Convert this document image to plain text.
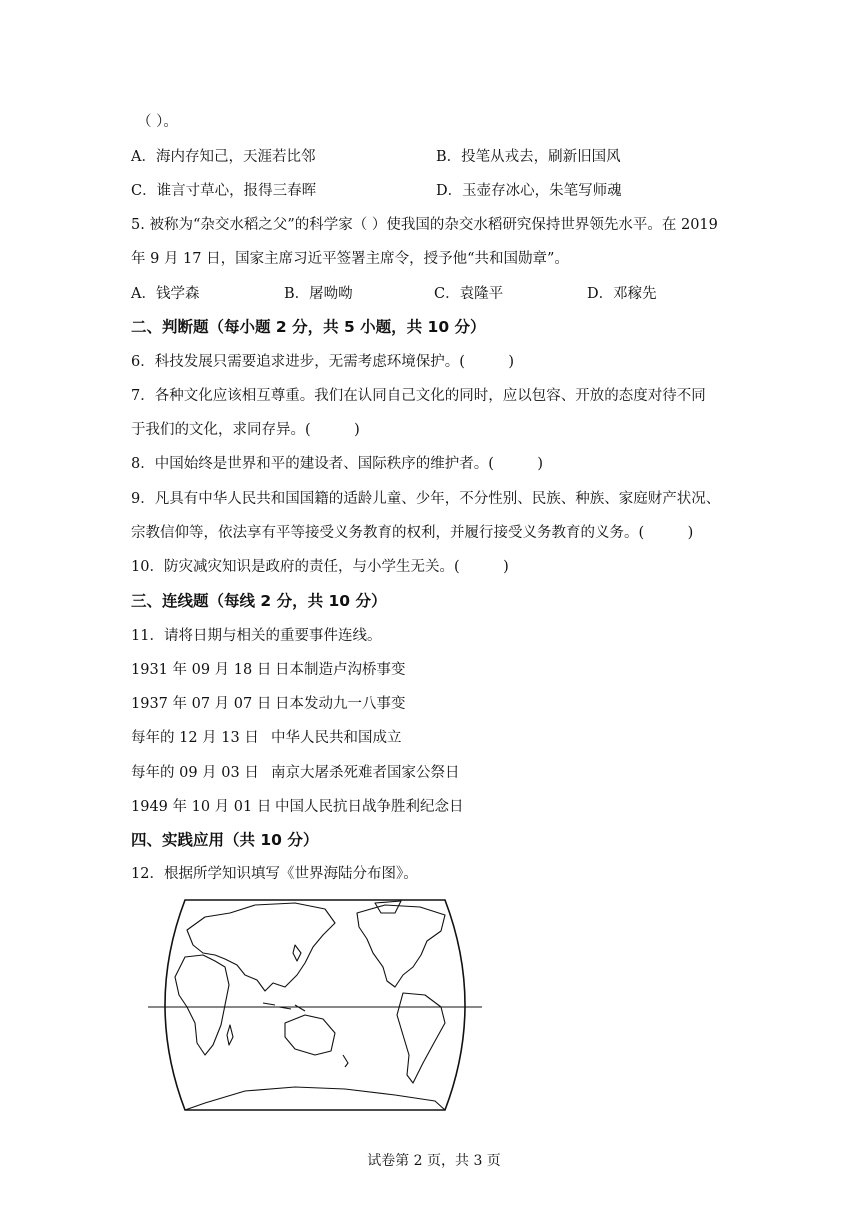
（ ）。
A．海内存知己，天涯若比邻	B．投笔从戎去，刷新旧国风
C．谁言寸草心，报得三春晖	D．玉壶存冰心，朱笔写师魂
5. 被称为“杂交水稻之父”的科学家（ ）使我国的杂交水稻研究保持世界领先水平。在 2019
年 9 月 17 日，国家主席习近平签署主席令，授予他“共和国勋章”。
A．钱学森	B．屠呦呦	C．袁隆平	D．邓稼先
二、判断题（每小题 2 分，共 5 小题，共 10 分）
6．科技发展只需要追求进步，无需考虑环境保护。(　　　)
7．各种文化应该相互尊重。我们在认同自己文化的同时，应以包容、开放的态度对待不同
于我们的文化，求同存异。(　　　)
8．中国始终是世界和平的建设者、国际秩序的维护者。(　　　)
9．凡具有中华人民共和国国籍的适龄儿童、少年，不分性别、民族、种族、家庭财产状况、
宗教信仰等，依法享有平等接受义务教育的权利，并履行接受义务教育的义务。(　　　)
10．防灾减灾知识是政府的责任，与小学生无关。(　　　)
三、连线题（每线 2 分，共 10 分）
11．请将日期与相关的重要事件连线。
1931 年 09 月 18 日 日本制造卢沟桥事变
1937 年 07 月 07 日 日本发动九一八事变
每年的 12 月 13 日 中华人民共和国成立
每年的 09 月 03 日 南京大屠杀死难者国家公祭日
1949 年 10 月 01 日 中国人民抗日战争胜利纪念日
四、实践应用（共 10 分）
12．根据所学知识填写《世界海陆分布图》。
试卷第 2 页，共 3 页
